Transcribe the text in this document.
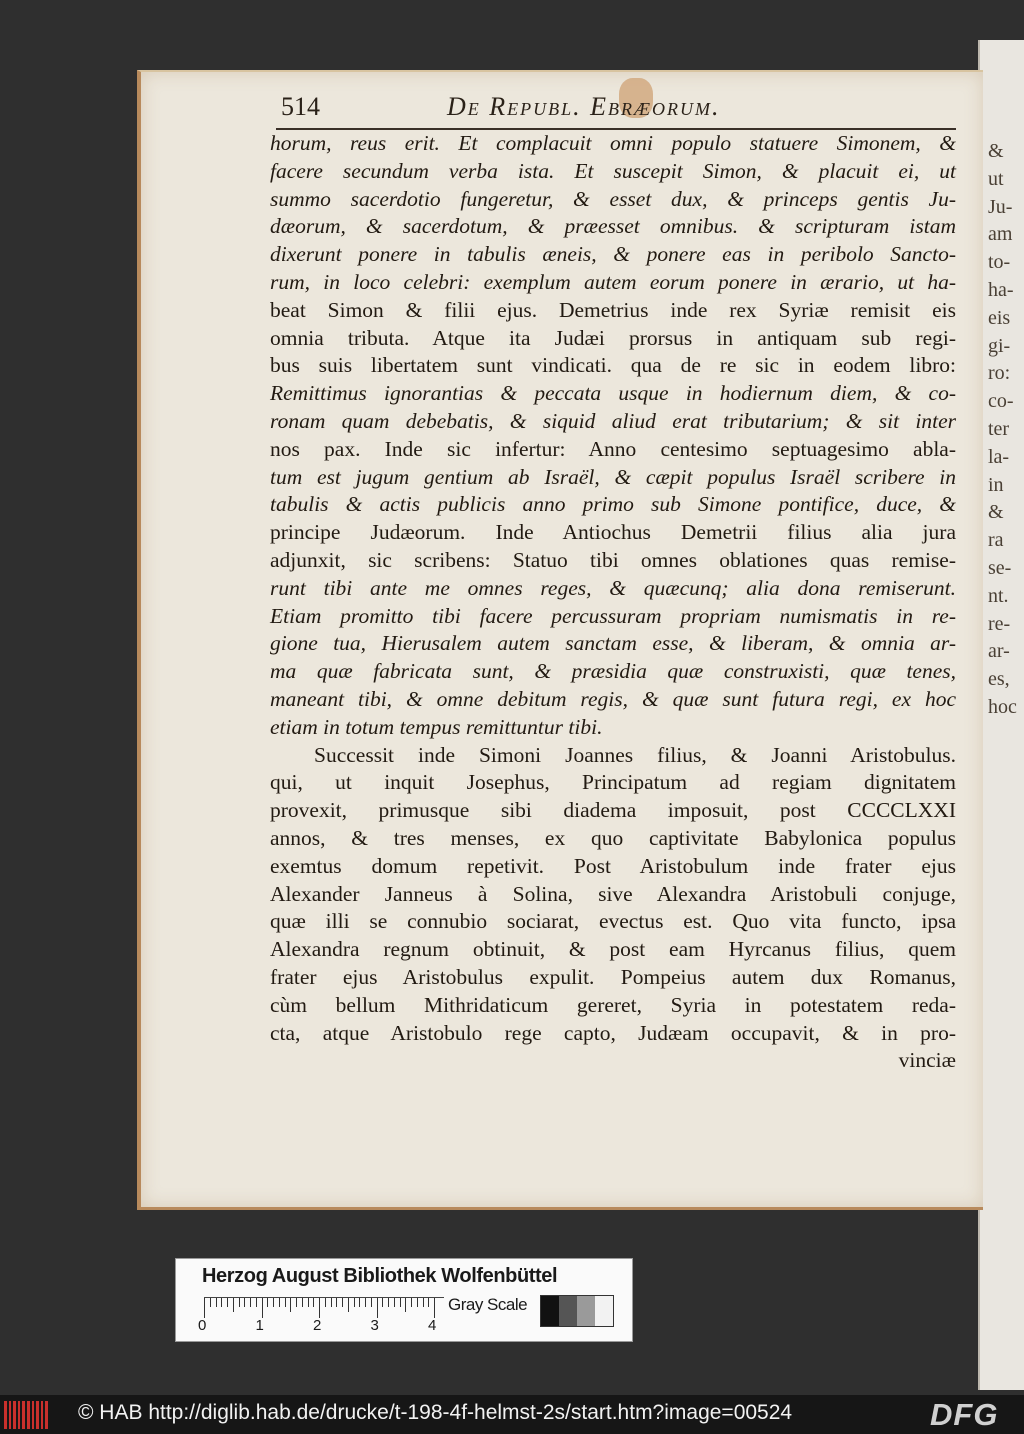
&
ut
Ju-
am
to-
ha-
eis
gi-
ro:
co-
ter
la-
in
&
ra
se-
nt.
re-
ar-
es,
hoc
514	De Republ. Ebræorum.
horum, reus erit. Et complacuit omni populo statuere Simonem, &
facere secundum verba ista. Et suscepit Simon, & placuit ei, ut
summo sacerdotio fungeretur, & esset dux, & princeps gentis Ju-
dæorum, & sacerdotum, & præesset omnibus. & scripturam istam
dixerunt ponere in tabulis æneis, & ponere eas in peribolo Sancto-
rum, in loco celebri: exemplum autem eorum ponere in ærario, ut ha-
beat Simon & filii ejus. Demetrius inde rex Syriæ remisit eis
omnia tributa. Atque ita Judæi prorsus in antiquam sub regi-
bus suis libertatem sunt vindicati. qua de re sic in eodem libro:
Remittimus ignorantias & peccata usque in hodiernum diem, & co-
ronam quam debebatis, & siquid aliud erat tributarium; & sit inter
nos pax. Inde sic infertur: Anno centesimo septuagesimo abla-
tum est jugum gentium ab Israël, & cæpit populus Israël scribere in
tabulis & actis publicis anno primo sub Simone pontifice, duce, &
principe Judæorum. Inde Antiochus Demetrii filius alia jura
adjunxit, sic scribens: Statuo tibi omnes oblationes quas remise-
runt tibi ante me omnes reges, & quæcunq; alia dona remiserunt.
Etiam promitto tibi facere percussuram propriam numismatis in re-
gione tua, Hierusalem autem sanctam esse, & liberam, & omnia ar-
ma quæ fabricata sunt, & præsidia quæ construxisti, quæ tenes,
maneant tibi, & omne debitum regis, & quæ sunt futura regi, ex hoc
etiam in totum tempus remittuntur tibi.
Successit inde Simoni Joannes filius, & Joanni Aristobulus.
qui, ut inquit Josephus, Principatum ad regiam dignitatem
provexit, primusque sibi diadema imposuit, post CCCCLXXI
annos, & tres menses, ex quo captivitate Babylonica populus
exemtus domum repetivit. Post Aristobulum inde frater ejus
Alexander Janneus à Solina, sive Alexandra Aristobuli conjuge,
quæ illi se connubio sociarat, evectus est. Quo vita functo, ipsa
Alexandra regnum obtinuit, & post eam Hyrcanus filius, quem
frater ejus Aristobulus expulit. Pompeius autem dux Romanus,
cùm bellum Mithridaticum gereret, Syria in potestatem reda-
cta, atque Aristobulo rege capto, Judæam occupavit, & in pro-
vinciæ
Herzog August Bibliothek Wolfenbüttel
0	1	2	3	4
Gray Scale
© HAB http://diglib.hab.de/drucke/t-198-4f-helmst-2s/start.htm?image=00524	DFG
